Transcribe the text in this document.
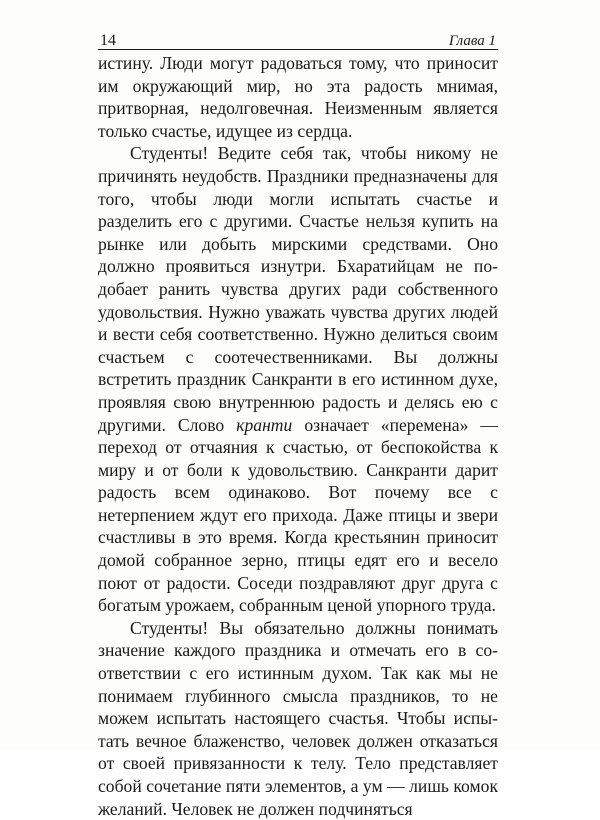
14	Глава 1

истину. Люди могут радоваться тому, что приносит им окружающий мир, но эта радость мнимая, притворная, недолговечная. Неизменным является только счастье, идущее из сердца.

Студенты! Ведите себя так, чтобы никому не причинять неудобств. Праздники предназначены для того, чтобы люди могли испытать счастье и разделить его с другими. Счастье нельзя купить на рынке или добыть мирскими средствами. Оно должно проявиться изнутри. Бхаратийцам не подобает ранить чувства других ради собственного удовольствия. Нужно уважать чувства других людей и вести себя соответственно. Нужно делиться своим счастьем с соотечественниками. Вы должны встретить праздник Санкранти в его истинном духе, проявляя свою внутреннюю радость и делясь ею с другими. Слово кранти означает «перемена» — переход от отчаяния к счастью, от беспокойства к миру и от боли к удовольствию. Санкранти дарит радость всем одинаково. Вот почему все с нетерпением ждут его прихода. Даже птицы и звери счастливы в это время. Когда крестьянин приносит домой собранное зерно, птицы едят его и весело поют от радости. Соседи поздравляют друг друга с богатым урожаем, собранным ценой упорного труда.

Студенты! Вы обязательно должны понимать значение каждого праздника и отмечать его в соответствии с его истинным духом. Так как мы не понимаем глубинного смысла праздников, то не можем испытать настоящего счастья. Чтобы испытать вечное блаженство, человек должен отказаться от своей привязанности к телу. Тело представляет собой сочетание пяти элементов, а ум — лишь комок желаний. Человек не должен подчиняться
